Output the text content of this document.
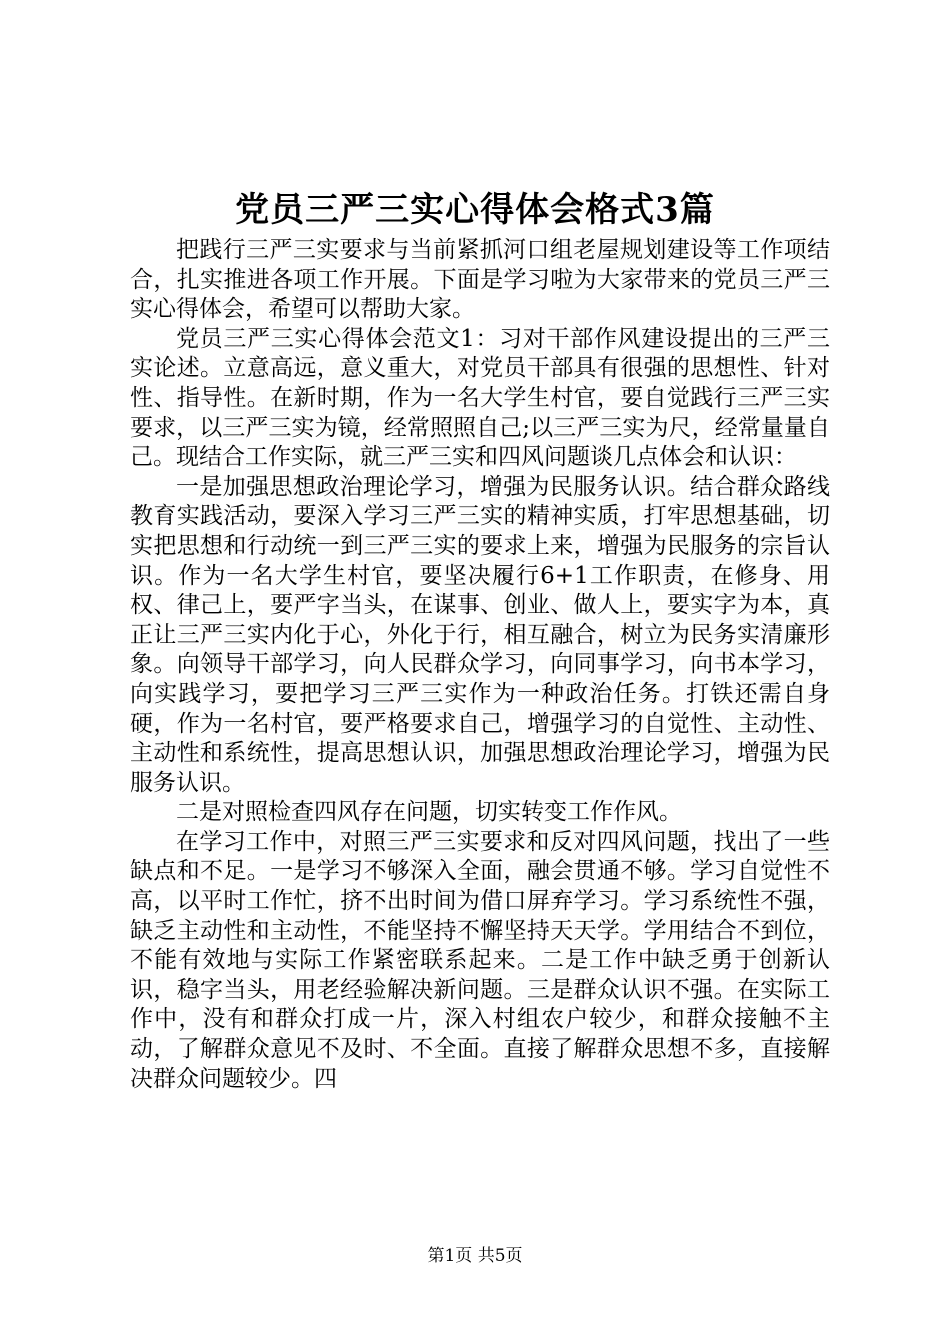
党员三严三实心得体会格式3篇

把践行三严三实要求与当前紧抓河口组老屋规划建设等工作项结合，扎实推进各项工作开展。下面是学习啦为大家带来的党员三严三实心得体会，希望可以帮助大家。

党员三严三实心得体会范文1：习对干部作风建设提出的三严三实论述。立意高远，意义重大，对党员干部具有很强的思想性、针对性、指导性。在新时期，作为一名大学生村官，要自觉践行三严三实要求，以三严三实为镜，经常照照自己;以三严三实为尺，经常量量自己。现结合工作实际，就三严三实和四风问题谈几点体会和认识：

一是加强思想政治理论学习，增强为民服务认识。结合群众路线教育实践活动，要深入学习三严三实的精神实质，打牢思想基础，切实把思想和行动统一到三严三实的要求上来，增强为民服务的宗旨认识。作为一名大学生村官，要坚决履行6+1工作职责，在修身、用权、律己上，要严字当头，在谋事、创业、做人上，要实字为本，真正让三严三实内化于心，外化于行，相互融合，树立为民务实清廉形象。向领导干部学习，向人民群众学习，向同事学习，向书本学习，向实践学习，要把学习三严三实作为一种政治任务。打铁还需自身硬，作为一名村官，要严格要求自己，增强学习的自觉性、主动性、主动性和系统性，提高思想认识，加强思想政治理论学习，增强为民服务认识。

二是对照检查四风存在问题，切实转变工作作风。

在学习工作中，对照三严三实要求和反对四风问题，找出了一些缺点和不足。一是学习不够深入全面，融会贯通不够。学习自觉性不高，以平时工作忙，挤不出时间为借口屏弃学习。学习系统性不强，缺乏主动性和主动性，不能坚持不懈坚持天天学。学用结合不到位，不能有效地与实际工作紧密联系起来。二是工作中缺乏勇于创新认识，稳字当头，用老经验解决新问题。三是群众认识不强。在实际工作中，没有和群众打成一片，深入村组农户较少，和群众接触不主动，了解群众意见不及时、不全面。直接了解群众思想不多，直接解决群众问题较少。四

第1页 共5页
